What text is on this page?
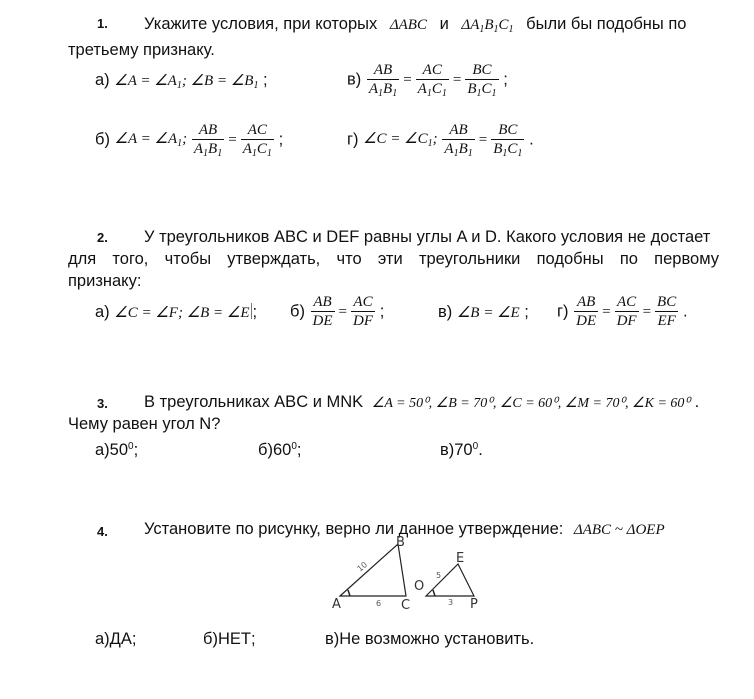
1. Укажите условия, при которых ΔABC и $\Delta A_1B_1C_1$ были бы подобны по
третьему признаку.
а) ∠A = $\angle A_1$; ∠B = $\angle B_1$ ;	$в) \frac{AB}{A_1B_1} = \frac{AC}{A_1C_1} = \frac{BC}{B_1C_1}$ ;
б) ∠A = $\angle A_1$; $\frac{AB}{A_1B_1} = \frac{AC}{A_1C_1}$ ;	г) ∠C = $\angle C_1$; $\frac{AB}{A_1B_1} = \frac{BC}{B_1C_1}$ .
2. У треугольников ABC и DEF равны углы A и D. Какого условия не достает
для того, чтобы утверждать, что эти треугольники подобны по первому
признаку:
а) ∠C = ∠F; ∠B = ∠E ; $б) \frac{AB}{DE} = \frac{AC}{DF}$ ;	в) ∠B = ∠E ; $г) \frac{AB}{DE} = \frac{AC}{DF} = \frac{BC}{EF}$ .
3. В треугольниках ABC и MNK ∠A = 50⁰, ∠B = 70⁰, ∠C = 60⁰, ∠M = 70⁰, ∠K = 60⁰ .
Чему равен угол N?
$а)50^0$;	$б)60^0$;	$в)70^0$.
4. Установите по рисунку, верно ли данное утверждение: ΔABC ~ ΔOEP
A
B
C
O
E
P
10
6
5
3
а)ДА;	б)НЕТ;	в)Не возможно установить.
